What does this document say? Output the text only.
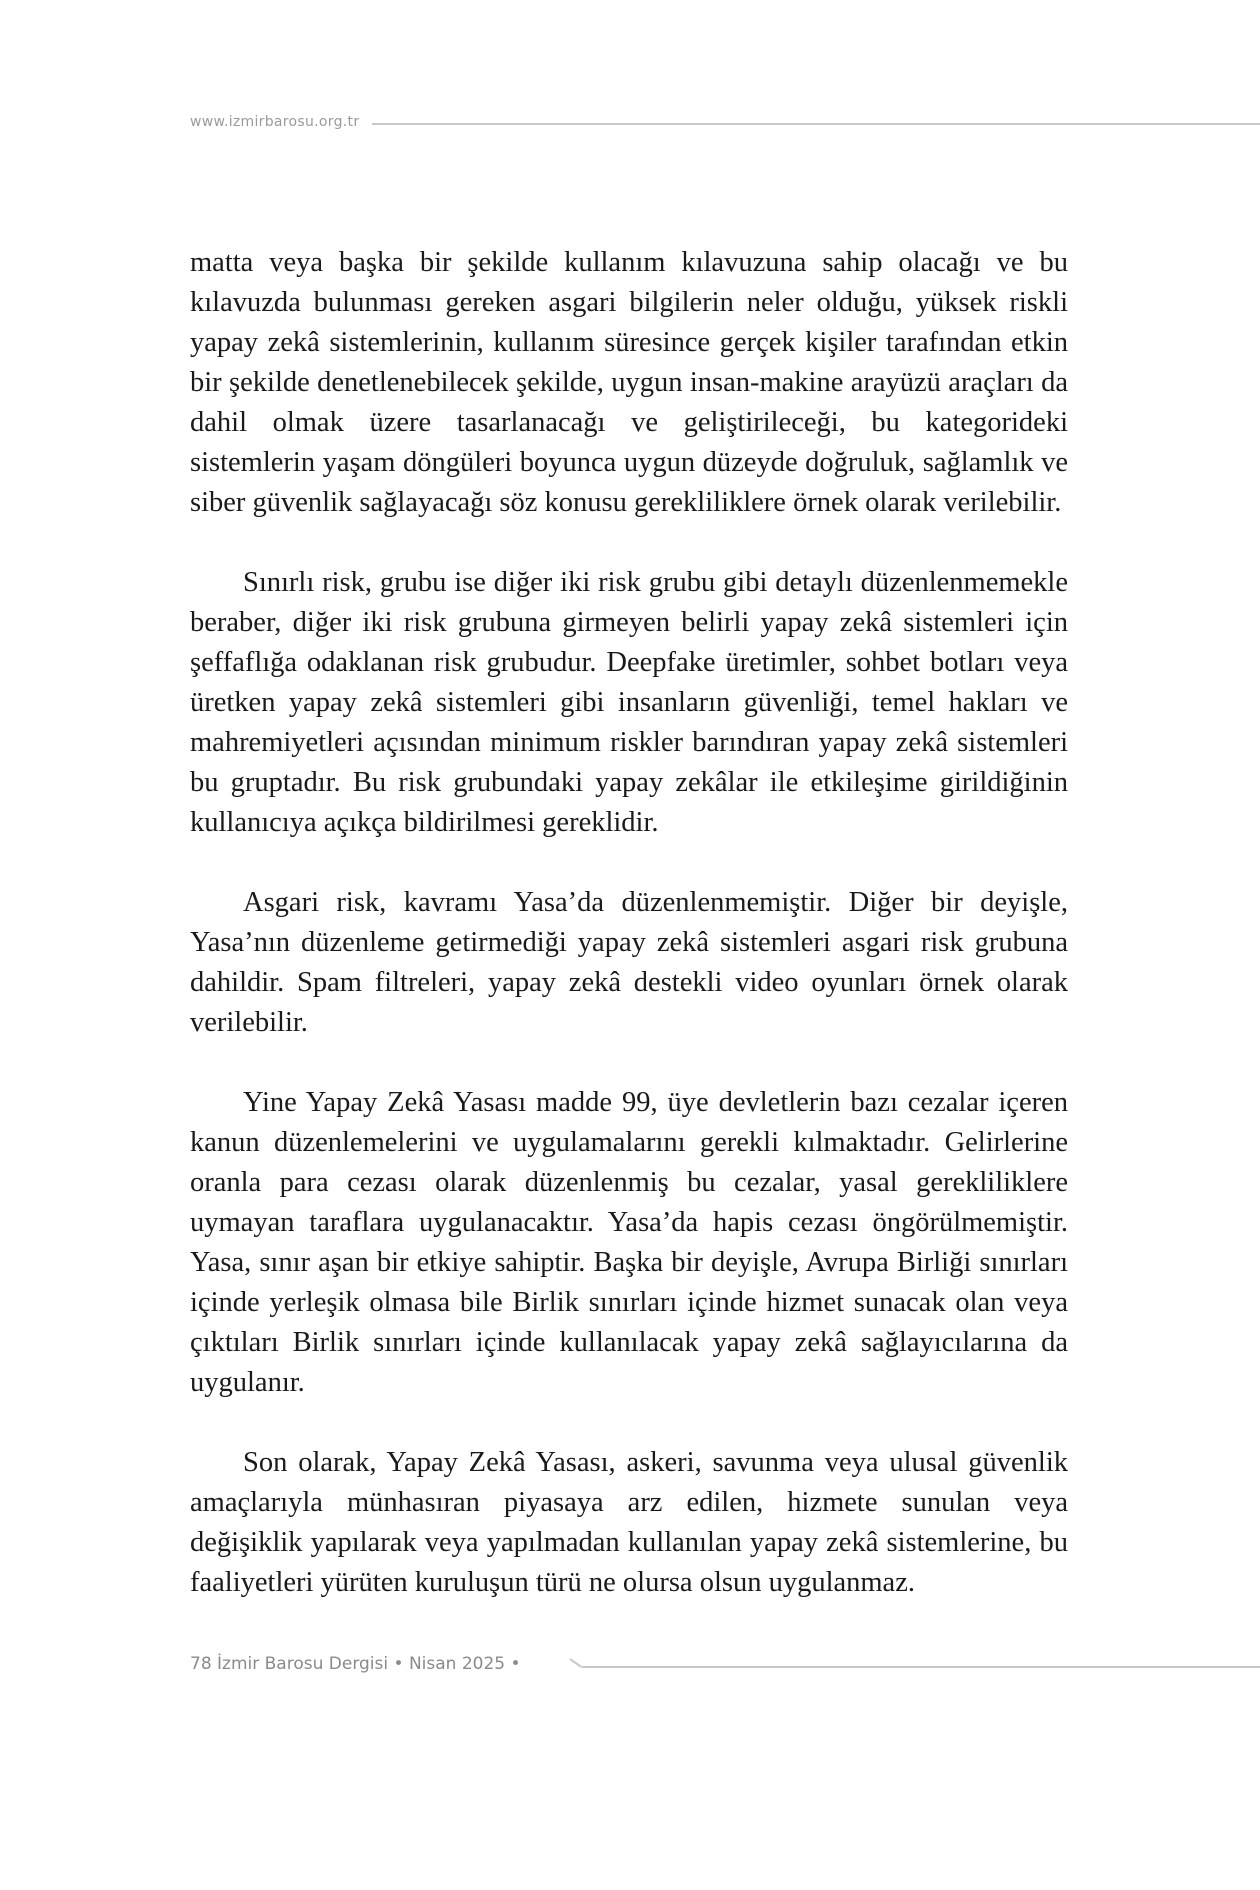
www.izmirbarosu.org.tr

matta veya başka bir şekilde kullanım kılavuzuna sahip olacağı ve bu kılavuzda bulunması gereken asgari bilgilerin neler olduğu, yüksek riskli yapay zekâ sistemlerinin, kullanım süresince gerçek kişiler tarafından etkin bir şekilde denetlenebilecek şekilde, uygun insan-makine arayüzü araçları da dahil olmak üzere tasarlanacağı ve geliştirileceği, bu kategorideki sistemlerin yaşam döngüleri boyunca uygun düzeyde doğruluk, sağlamlık ve siber güvenlik sağlayacağı söz konusu gerekliliklere örnek olarak verilebilir.

Sınırlı risk, grubu ise diğer iki risk grubu gibi detaylı düzenlenmemekle beraber, diğer iki risk grubuna girmeyen belirli yapay zekâ sistemleri için şeffaflığa odaklanan risk grubudur. Deepfake üretimler, sohbet botları veya üretken yapay zekâ sistemleri gibi insanların güvenliği, temel hakları ve mahremiyetleri açısından minimum riskler barındıran yapay zekâ sistemleri bu gruptadır. Bu risk grubundaki yapay zekâlar ile etkileşime girildiğinin kullanıcıya açıkça bildirilmesi gereklidir.

Asgari risk, kavramı Yasa’da düzenlenmemiştir. Diğer bir deyişle, Yasa’nın düzenleme getirmediği yapay zekâ sistemleri asgari risk grubuna dahildir. Spam filtreleri, yapay zekâ destekli video oyunları örnek olarak verilebilir.

Yine Yapay Zekâ Yasası madde 99, üye devletlerin bazı cezalar içeren kanun düzenlemelerini ve uygulamalarını gerekli kılmaktadır. Gelirlerine oranla para cezası olarak düzenlenmiş bu cezalar, yasal gerekliliklere uymayan taraflara uygulanacaktır. Yasa’da hapis cezası öngörülmemiştir. Yasa, sınır aşan bir etkiye sahiptir. Başka bir deyişle, Avrupa Birliği sınırları içinde yerleşik olmasa bile Birlik sınırları içinde hizmet sunacak olan veya çıktıları Birlik sınırları içinde kullanılacak yapay zekâ sağlayıcılarına da uygulanır.

Son olarak, Yapay Zekâ Yasası, askeri, savunma veya ulusal güvenlik amaçlarıyla münhasıran piyasaya arz edilen, hizmete sunulan veya değişiklik yapılarak veya yapılmadan kullanılan yapay zekâ sistemlerine, bu faaliyetleri yürüten kuruluşun türü ne olursa olsun uygulanmaz.

78 İzmir Barosu Dergisi • Nisan 2025 •
